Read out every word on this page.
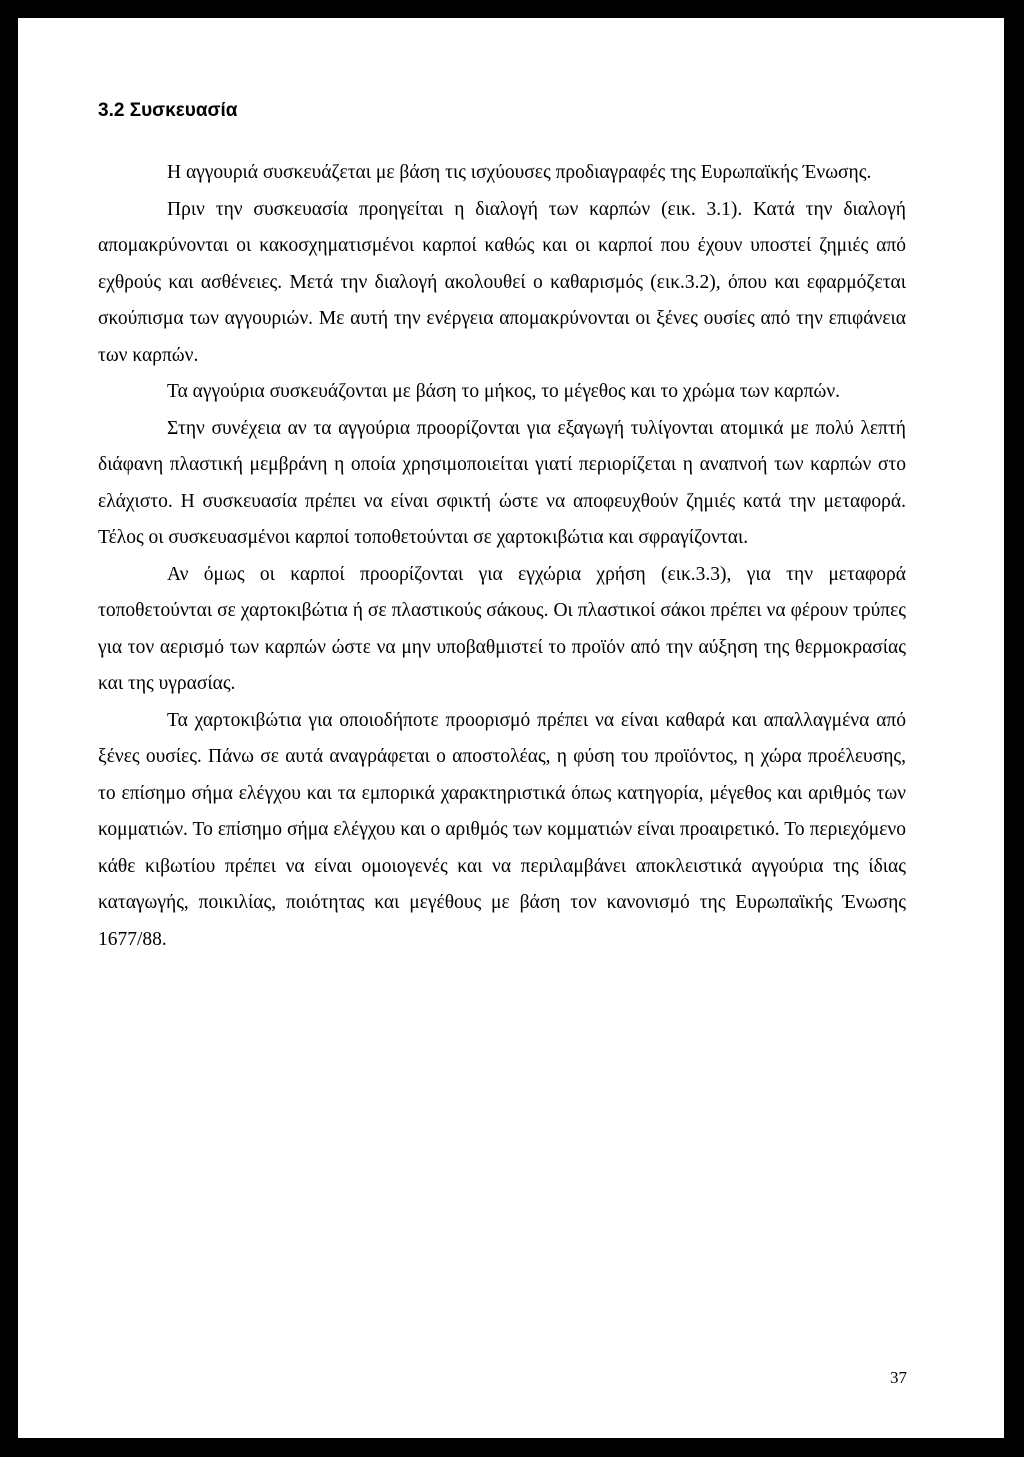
3.2 Συσκευασία

Η αγγουριά συσκευάζεται με βάση τις ισχύουσες προδιαγραφές της Ευρωπαϊκής Ένωσης.

Πριν την συσκευασία προηγείται η διαλογή των καρπών (εικ. 3.1). Κατά την διαλογή απομακρύνονται οι κακοσχηματισμένοι καρποί καθώς και οι καρποί που έχουν υποστεί ζημιές από εχθρούς και ασθένειες. Μετά την διαλογή ακολουθεί ο καθαρισμός (εικ.3.2), όπου και εφαρμόζεται σκούπισμα των αγγουριών. Με αυτή την ενέργεια απομακρύνονται οι ξένες ουσίες από την επιφάνεια των καρπών.

Τα αγγούρια συσκευάζονται με βάση το μήκος, το μέγεθος και το χρώμα των καρπών.

Στην συνέχεια αν τα αγγούρια προορίζονται για εξαγωγή τυλίγονται ατομικά με πολύ λεπτή διάφανη πλαστική μεμβράνη η οποία χρησιμοποιείται γιατί περιορίζεται η αναπνοή των καρπών στο ελάχιστο. Η συσκευασία πρέπει να είναι σφικτή ώστε να αποφευχθούν ζημιές κατά την μεταφορά. Τέλος οι συσκευασμένοι καρποί τοποθετούνται σε χαρτοκιβώτια και σφραγίζονται.

Αν όμως οι καρποί προορίζονται για εγχώρια χρήση (εικ.3.3), για την μεταφορά τοποθετούνται σε χαρτοκιβώτια ή σε πλαστικούς σάκους. Οι πλαστικοί σάκοι πρέπει να φέρουν τρύπες για τον αερισμό των καρπών ώστε να μην υποβαθμιστεί το προϊόν από την αύξηση της θερμοκρασίας και της υγρασίας.

Τα χαρτοκιβώτια για οποιοδήποτε προορισμό πρέπει να είναι καθαρά και απαλλαγμένα από ξένες ουσίες. Πάνω σε αυτά αναγράφεται ο αποστολέας, η φύση του προϊόντος, η χώρα προέλευσης, το επίσημο σήμα ελέγχου και τα εμπορικά χαρακτηριστικά όπως κατηγορία, μέγεθος και αριθμός των κομματιών. Το επίσημο σήμα ελέγχου και ο αριθμός των κομματιών είναι προαιρετικό. Το περιεχόμενο κάθε κιβωτίου πρέπει να είναι ομοιογενές και να περιλαμβάνει αποκλειστικά αγγούρια της ίδιας καταγωγής, ποικιλίας, ποιότητας και μεγέθους με βάση τον κανονισμό της Ευρωπαϊκής Ένωσης 1677/88.

37
